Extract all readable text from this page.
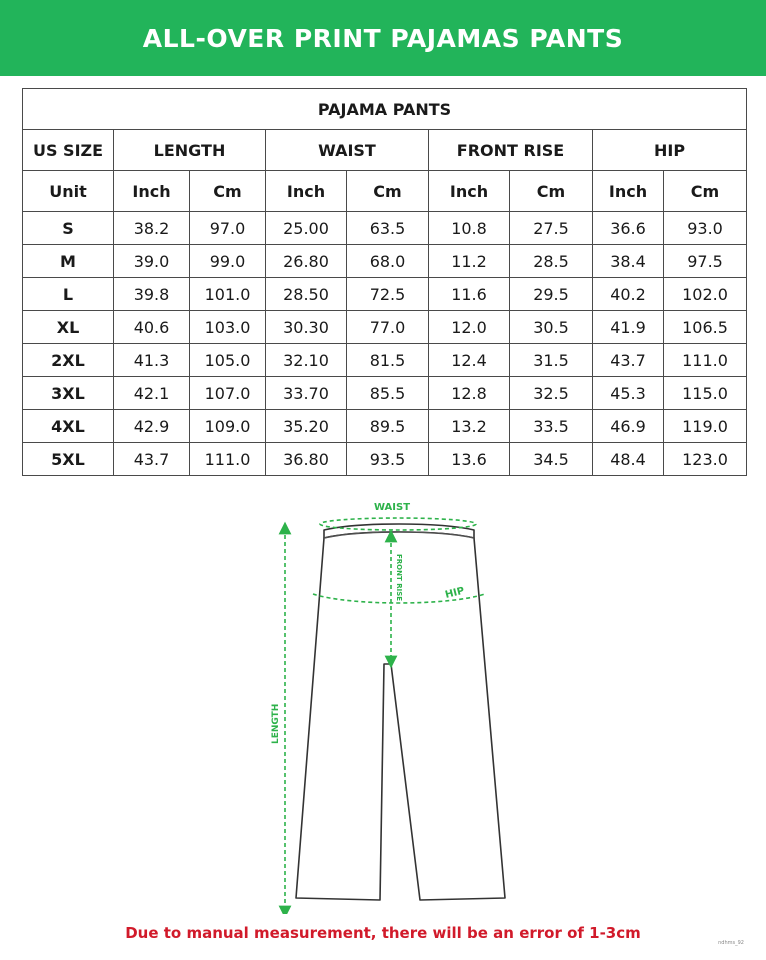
ALL-OVER PRINT PAJAMAS PANTS
PAJAMA PANTS								
US SIZE	LENGTH		WAIST		FRONT RISE		HIP	
Unit	Inch	Cm	Inch	Cm	Inch	Cm	Inch	Cm
S	38.2	97.0	25.00	63.5	10.8	27.5	36.6	93.0
M	39.0	99.0	26.80	68.0	11.2	28.5	38.4	97.5
L	39.8	101.0	28.50	72.5	11.6	29.5	40.2	102.0
XL	40.6	103.0	30.30	77.0	12.0	30.5	41.9	106.5
2XL	41.3	105.0	32.10	81.5	12.4	31.5	43.7	111.0
3XL	42.1	107.0	33.70	85.5	12.8	32.5	45.3	115.0
4XL	42.9	109.0	35.20	89.5	13.2	33.5	46.9	119.0
5XL	43.7	111.0	36.80	93.5	13.6	34.5	48.4	123.0
WAIST
HIP
FRONT RISE
LENGTH
Due to manual measurement, there will be an error of 1-3cm
ndhms_92
